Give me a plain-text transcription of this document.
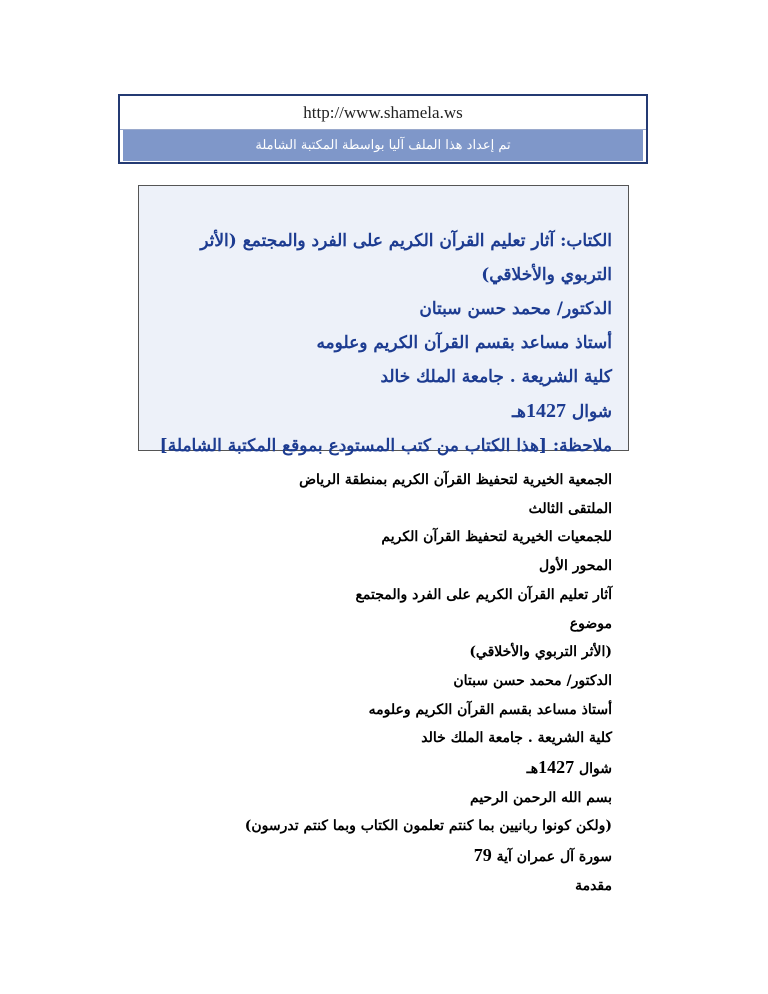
http://www.shamela.ws
تم إعداد هذا الملف آليا بواسطة المكتبة الشاملة
الكتاب: آثار تعليم القرآن الكريم على الفرد والمجتمع (الأثر التربوي والأخلاقي)
الدكتور/ محمد حسن سبتان
أستاذ مساعد بقسم القرآن الكريم وعلومه
كلية الشريعة . جامعة الملك خالد
شوال 1427هـ
ملاحظة: [هذا الكتاب من كتب المستودع بموقع المكتبة الشاملة]
الجمعية الخيرية لتحفيظ القرآن الكريم بمنطقة الرياض
الملتقى الثالث
للجمعيات الخيرية لتحفيظ القرآن الكريم
المحور الأول
آثار تعليم القرآن الكريم على الفرد والمجتمع
موضوع
(الأثر التربوي والأخلاقي)
الدكتور/ محمد حسن سبتان
أستاذ مساعد بقسم القرآن الكريم وعلومه
كلية الشريعة . جامعة الملك خالد
شوال 1427هـ
بسم الله الرحمن الرحيم
(ولكن كونوا ربانيين بما كنتم تعلمون الكتاب وبما كنتم تدرسون)
سورة آل عمران آية 79
مقدمة
